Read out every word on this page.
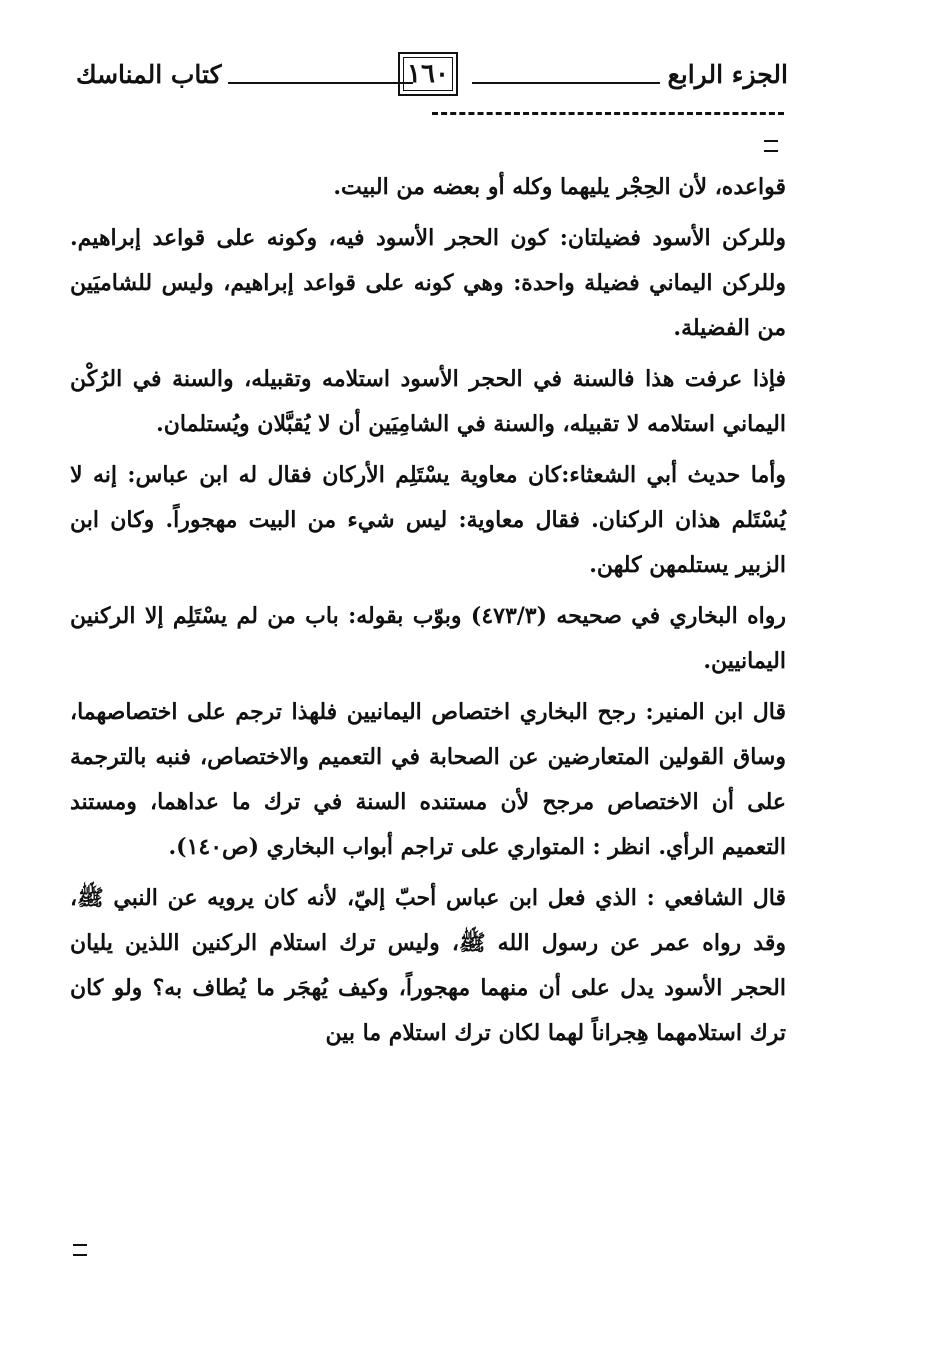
الجزء الرابع
١٦٠
كتاب المناسك

قواعده، لأن الحِجْر يليهما وكله أو بعضه من البيت.

وللركن الأسود فضيلتان: كون الحجر الأسود فيه، وكونه على قواعد إبراهيم. وللركن اليماني فضيلة واحدة: وهي كونه على قواعد إبراهيم، وليس للشاميَين من الفضيلة.

فإذا عرفت هذا فالسنة في الحجر الأسود استلامه وتقبيله، والسنة في الرُكْن اليماني استلامه لا تقبيله، والسنة في الشامِيَين أن لا يُقبَّلان ويُستلمان.

وأما حديث أبي الشعثاء:كان معاوية يسْتَلِم الأركان فقال له ابن عباس: إنه لا يُسْتَلم هذان الركنان. فقال معاوية: ليس شيء من البيت مهجوراً. وكان ابن الزبير يستلمهن كلهن.

رواه البخاري في صحيحه (٤٧٣/٣) وبوّب بقوله: باب من لم يسْتَلِم إلا الركنين اليمانيين.

قال ابن المنير: رجح البخاري اختصاص اليمانيين فلهذا ترجم على اختصاصهما، وساق القولين المتعارضين عن الصحابة في التعميم والاختصاص، فنبه بالترجمة على أن الاختصاص مرجح لأن مستنده السنة في ترك ما عداهما، ومستند التعميم الرأي. انظر : المتواري على تراجم أبواب البخاري (ص١٤٠).

قال الشافعي : الذي فعل ابن عباس أحبّ إليّ، لأنه كان يرويه عن النبي ﷺ، وقد رواه عمر عن رسول الله ﷺ، وليس ترك استلام الركنين اللذين يليان الحجر الأسود يدل على أن منهما مهجوراً، وكيف يُهجَر ما يُطاف به؟ ولو كان ترك استلامهما هِجراناً لهما لكان ترك استلام ما بين
